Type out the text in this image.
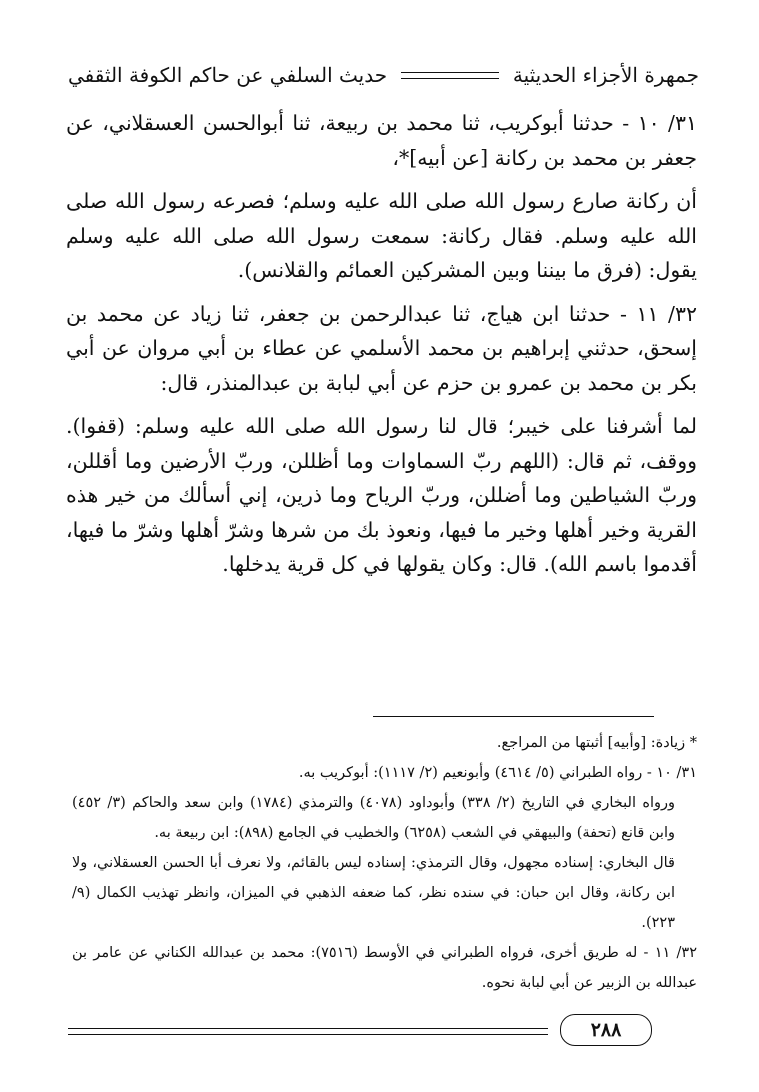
جمهرة الأجزاء الحديثية
حديث السلفي عن حاكم الكوفة الثقفي

٣١/ ١٠ - حدثنا أبوكريب، ثنا محمد بن ربيعة، ثنا أبوالحسن العسقلاني، عن جعفر بن محمد بن ركانة [عن أبيه]*،

أن ركانة صارع رسول الله صلى الله عليه وسلم؛ فصرعه رسول الله صلى الله عليه وسلم. فقال ركانة: سمعت رسول الله صلى الله عليه وسلم يقول: (فرق ما بيننا وبين المشركين العمائم والقلانس).

٣٢/ ١١ - حدثنا ابن هياج، ثنا عبدالرحمن بن جعفر، ثنا زياد عن محمد بن إسحق، حدثني إبراهيم بن محمد الأسلمي عن عطاء بن أبي مروان عن أبي بكر بن محمد بن عمرو بن حزم عن أبي لبابة بن عبدالمنذر، قال:

لما أشرفنا على خيبر؛ قال لنا رسول الله صلى الله عليه وسلم: (قفوا). ووقف، ثم قال: (اللهم ربّ السماوات وما أظللن، وربّ الأرضين وما أقللن، وربّ الشياطين وما أضللن، وربّ الرياح وما ذرين، إني أسألك من خير هذه القرية وخير أهلها وخير ما فيها، ونعوذ بك من شرها وشرّ أهلها وشرّ ما فيها، أقدموا باسم الله). قال: وكان يقولها في كل قرية يدخلها.

* زيادة: [وأبيه] أثبتها من المراجع.

٣١/ ١٠ - رواه الطبراني (٥/ ٤٦١٤) وأبونعيم (٢/ ١١١٧): أبوكريب به.

ورواه البخاري في التاريخ (٢/ ٣٣٨) وأبوداود (٤٠٧٨) والترمذي (١٧٨٤) وابن سعد والحاكم (٣/ ٤٥٢) وابن قانع (تحفة) والبيهقي في الشعب (٦٢٥٨) والخطيب في الجامع (٨٩٨): ابن ربيعة به.

قال البخاري: إسناده مجهول، وقال الترمذي: إسناده ليس بالقائم، ولا نعرف أبا الحسن العسقلاني، ولا ابن ركانة، وقال ابن حبان: في سنده نظر، كما ضعفه الذهبي في الميزان، وانظر تهذيب الكمال (٩/ ٢٢٣).

٣٢/ ١١ - له طريق أخرى، فرواه الطبراني في الأوسط (٧٥١٦): محمد بن عبدالله الكناني عن عامر بن عبدالله بن الزبير عن أبي لبابة نحوه.

٢٨٨
